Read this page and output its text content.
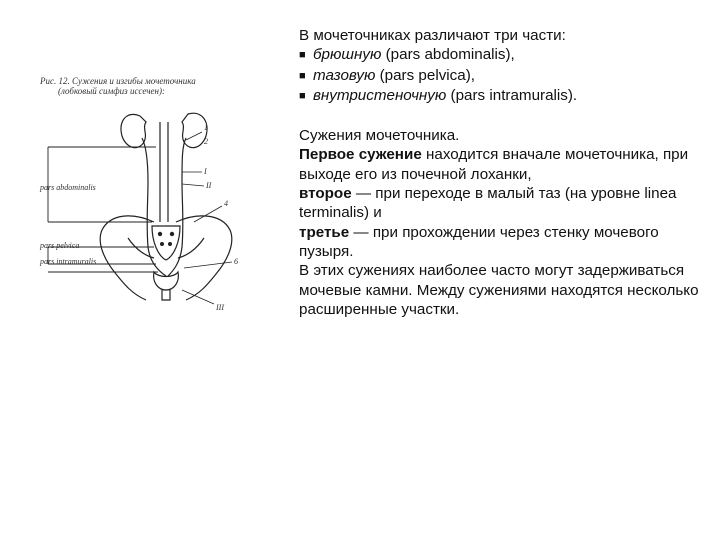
Рис. 12. Сужения и изгибы мочеточника
(лобковый симфиз иссечен):
pars abdominalis
pars pelvica
pars intramuralis
1
2
I
II
4
6
III

В мочеточниках различают три части:

■ брюшную (pars abdominalis),

■ тазовую (pars pelvica),

■ внутристеночную (pars intramuralis).

Сужения мочеточника.

Первое сужение находится вначале мочеточника, при выходе его из почечной лоханки,

второе — при переходе в малый таз (на уровне linea terminalis) и

третье — при прохождении через стенку мочевого пузыря.

В этих сужениях наиболее часто могут задерживаться мочевые камни. Между сужениями находятся несколько расширенные участки.
